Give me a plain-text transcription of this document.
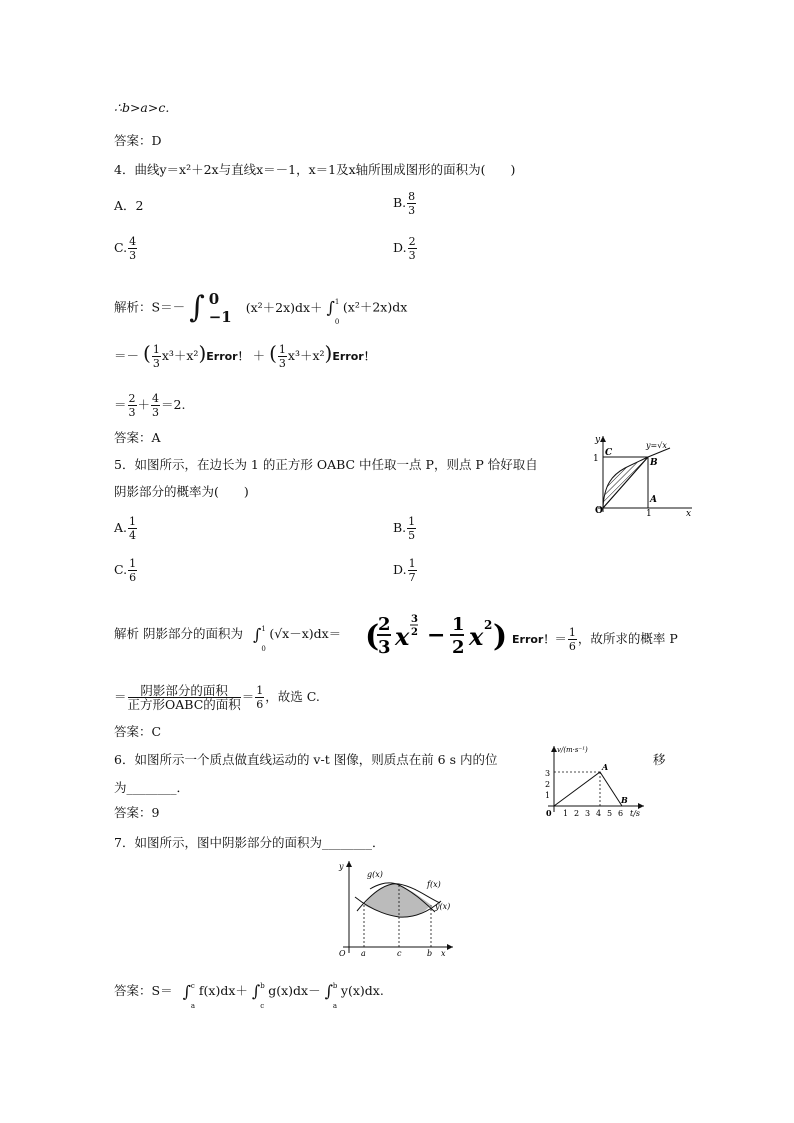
∴b>a>c.
答案：D
4．曲线y＝x²＋2x与直线x＝－1，x＝1及x轴所围成图形的面积为(　　)
A．2	B. $\frac{8}{3}$
C. $\frac{4}{3}$	D. $\frac{2}{3}$
解析：S＝－ ∫ 0
−1
(x²＋2x)dx＋ ∫ 1
0
(x²＋2x)dx
＝－ ( $\frac{1}{3}$ x³＋x²)Error！ ＋ ( $\frac{1}{3}$ x³＋x²)Error！
＝ $\frac{2}{3} + \frac{4}{3} =2$.
答案：A
5．如图所示，在边长为 1 的正方形 OABC 中任取一点 P，则点 P 恰好取自
阴影部分的概率为(　　)
y
x
O
C
B
A
1
1
y=√x
A. $\frac{1}{4}$	B. $\frac{1}{5}$
C. $\frac{1}{6}$	D. $\frac{1}{7}$
解析 阴影部分的面积为 ∫ 1
0
(√x－x)dx＝ (
2
3 x
3
2 − 1
2 x 2 ) Error！＝ $\frac{1}{6}$ ，故所求的概率 P
＝ $\frac{\text{阴影部分的面积}}{\text{正方形OABC的面积}} = \frac{1}{6}$ ，故选 C.
答案：C
6．如图所示一个质点做直线运动的 v-t 图像，则质点在前 6 s 内的位	移
为________．
答案：9
v/(m·s⁻¹)
t/s
0
A
B
1
2
3
1 2 3 4 5 6
7．如图所示，图中阴影部分的面积为________．
y
x
O a	c	b
g(x)
f(x)
y(x)
答案：S＝ ∫ c
a
f(x)dx＋ ∫ b
c
g(x)dx－ ∫ b
a
y(x)dx.
